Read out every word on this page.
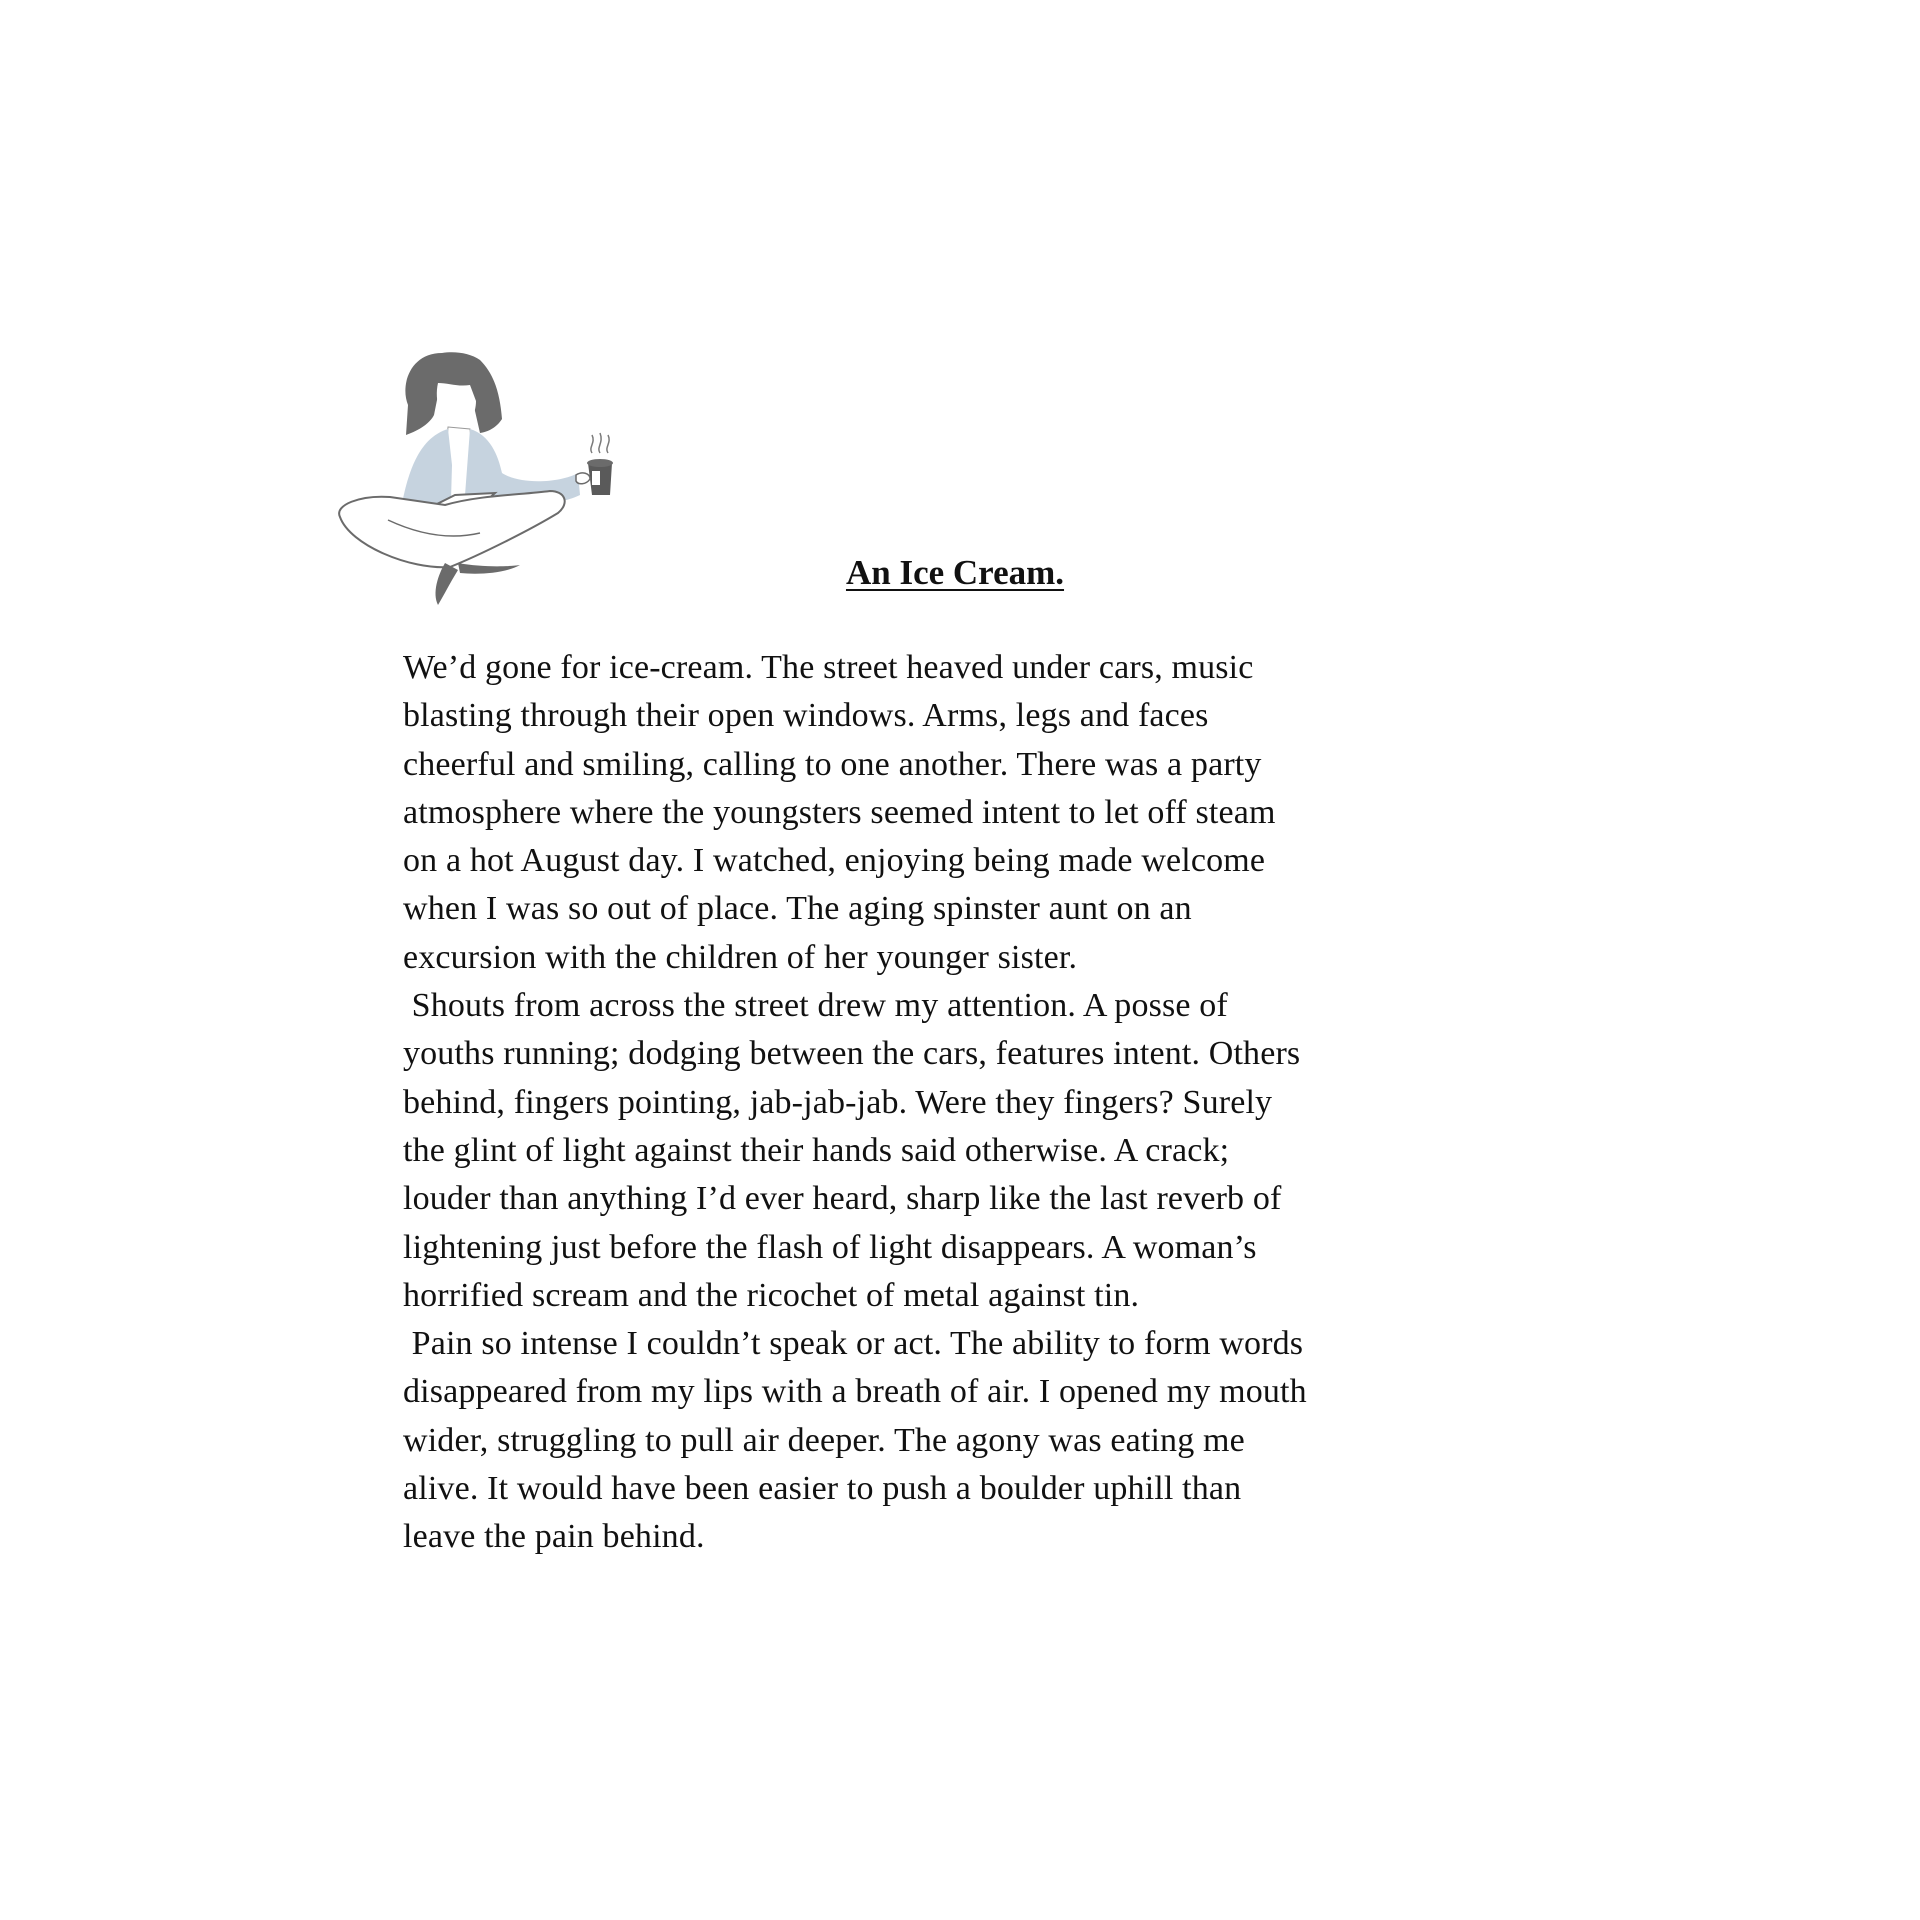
An Ice Cream.

We’d gone for ice-cream. The street heaved under cars, music

blasting through their open windows. Arms, legs and faces

cheerful and smiling, calling to one another. There was a party

atmosphere where the youngsters seemed intent to let off steam

on a hot August day. I watched, enjoying being made welcome

when I was so out of place. The aging spinster aunt on an

excursion with the children of her younger sister.

Shouts from across the street drew my attention. A posse of

youths running; dodging between the cars, features intent. Others

behind, fingers pointing, jab-jab-jab. Were they fingers? Surely

the glint of light against their hands said otherwise. A crack;

louder than anything I’d ever heard, sharp like the last reverb of

lightening just before the flash of light disappears. A woman’s

horrified scream and the ricochet of metal against tin.

Pain so intense I couldn’t speak or act. The ability to form words

disappeared from my lips with a breath of air. I opened my mouth

wider, struggling to pull air deeper. The agony was eating me

alive. It would have been easier to push a boulder uphill than

leave the pain behind.
